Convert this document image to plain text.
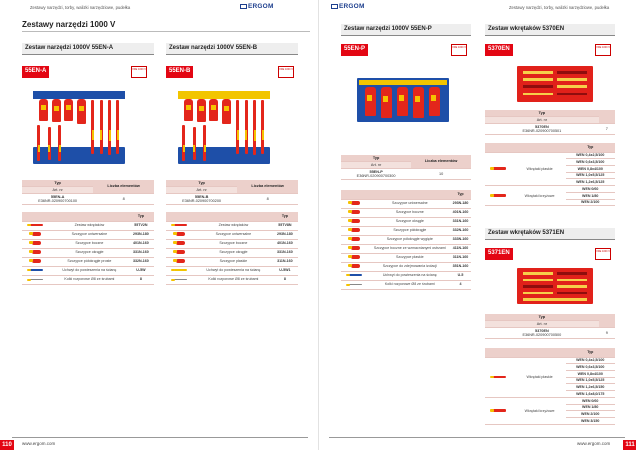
Zestawy narzędzi, torby, walizki narzędziowe, pudełka	ERGOM
Zestawy narzędzi 1000 V
Zestaw narzędzi 1000V 55EN-A
55EN-A	VDE 1000 V
Typ	Liczba elementów
Art. nr	
55EN-A
E36NR-020900700100	8
		Typ
	Zestaw wkrętaków	55TV2N
	Szczypce uniwersalne	293N-180
	Szczypce boczne	401N-160
	Szczypce okrągłe	331N-160
	Szczypce półokrągłe proste	332N-160
	Uchwyt do powieszenia na ścianę	U-5W
	Kolki rozporowe Ø8 ze śrubami	8
Zestaw narzędzi 1000V 55EN-B
55EN-B	VDE 1000 V
Typ	Liczba elementów
Art. nr	
55EN-B
E36NR-020900700200	8
		Typ
	Zestaw wkrętaków	55TV8N
	Szczypce uniwersalne	293N-180
	Szczypce boczne	401N-160
	Szczypce okrągłe	331N-160
	Szczypce płaskie	311N-160
	Uchwyt do powieszenia na ścianę	U-5W1
	Kolki rozporowe Ø8 ze śrubami	8
110	www.ergom.com
ERGOM	Zestawy narzędzi, torby, walizki narzędziowe, pudełka
Zestaw narzędzi 1000V 55EN-P
55EN-P	VDE 1000 V
Typ	Liczba elementów
Art. nr	
55EN-P
E36NR-020900700300	10
		Typ
	Szczypce uniwersalne	293N-180
	Szczypce boczne	401N-160
	Szczypce okrągłe	331N-160
	Szczypce półokrągłe	332N-160
	Szczypce półokrągłe wygięte	333N-160
	Szczypce boczne ze wzmacnianymi ostrzami	411N-160
	Szczypce płaskie	311N-160
	Szczypce do zdejmowania izolacji	351N-160
	Uchwyt do powieszenia na ścianę	U-5
	Kolki rozporowe Ø8 ze śrubami	4
Zestaw wkrętaków 5370EN
5370EN	VDE 1000 V
Typ	
Art. nr	
5370EN
E36NR-020900700501	7
		Typ
	Wkrętaki płaskie	WEN 0,4x2,5/100
		WEN 0,6x3,5/100
		WEN 0,8x4/100
		WEN 1,0x5,5/125
		WEN 1,2x6,5/125
	Wkrętaki krzyżowe	WEN 0/60
		WEN 1/80
		WEN 2/100
Zestaw wkrętaków 5371EN
5371EN	VDE 1000 V
Typ	
Art. nr	
5370EN
E36NR-020900700500	9
		Typ
	Wkrętaki płaskie	WEN 0,4x2,5/100
		WEN 0,6x3,5/100
		WEN 0,8x4/100
		WEN 1,0x5,5/125
		WEN 1,2x6,5/150
		WEN 1,6x8,0/175
	Wkrętaki krzyżowe	WEN 0/60
		WEN 1/80
		WEN 2/100
		WEN 3/150
www.ergom.com	111
